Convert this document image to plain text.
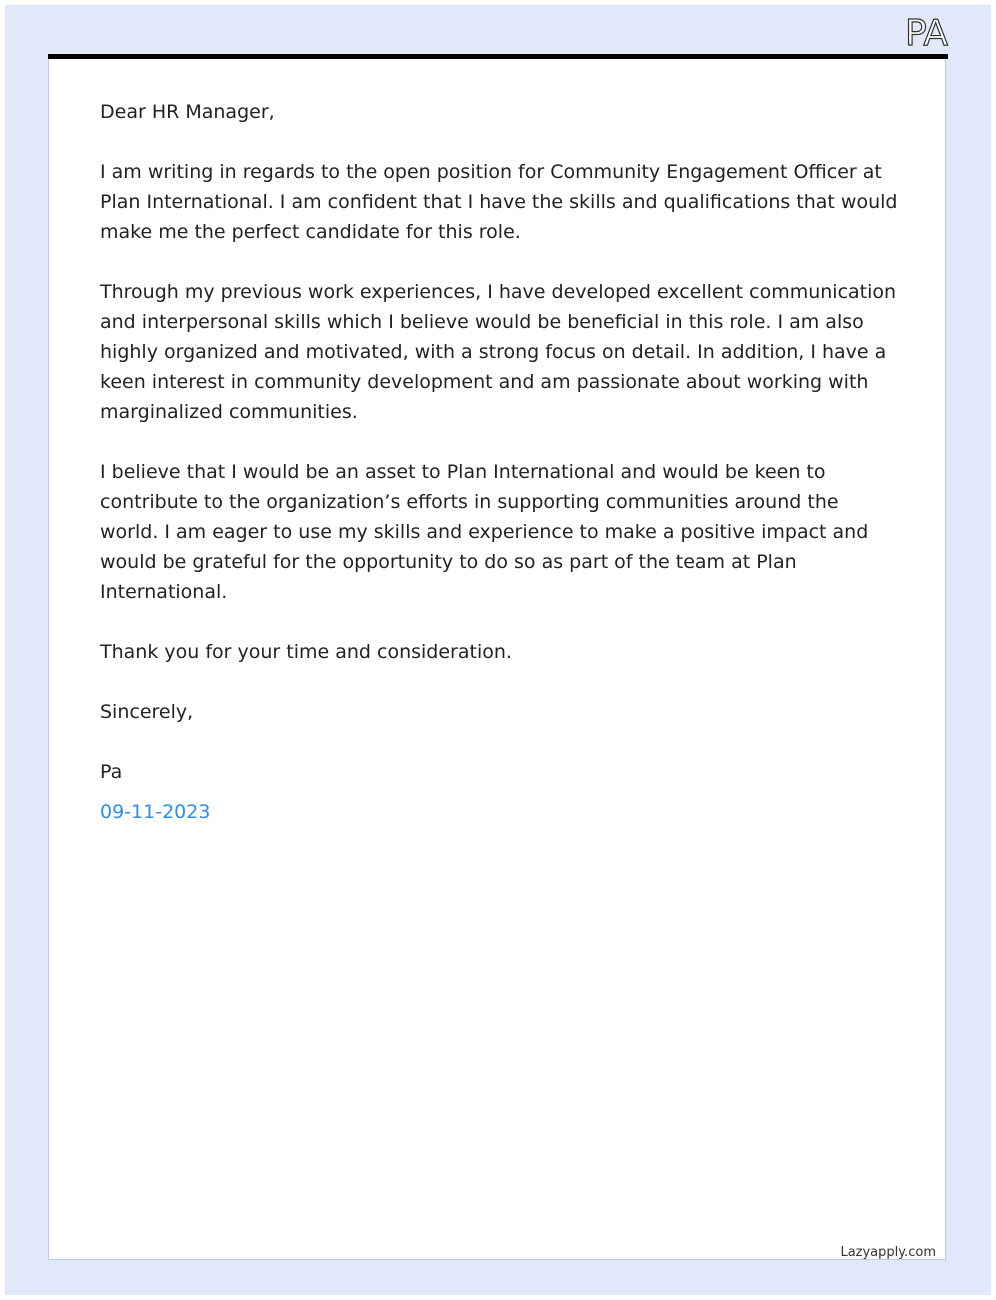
PA

Dear HR Manager,

I am writing in regards to the open position for Community Engagement Officer at Plan International. I am confident that I have the skills and qualifications that would make me the perfect candidate for this role.

Through my previous work experiences, I have developed excellent communication and interpersonal skills which I believe would be beneficial in this role. I am also highly organized and motivated, with a strong focus on detail. In addition, I have a keen interest in community development and am passionate about working with marginalized communities.

I believe that I would be an asset to Plan International and would be keen to contribute to the organization’s efforts in supporting communities around the world. I am eager to use my skills and experience to make a positive impact and would be grateful for the opportunity to do so as part of the team at Plan International.

Thank you for your time and consideration.

Sincerely,

Pa

09-11-2023

Lazyapply.com
